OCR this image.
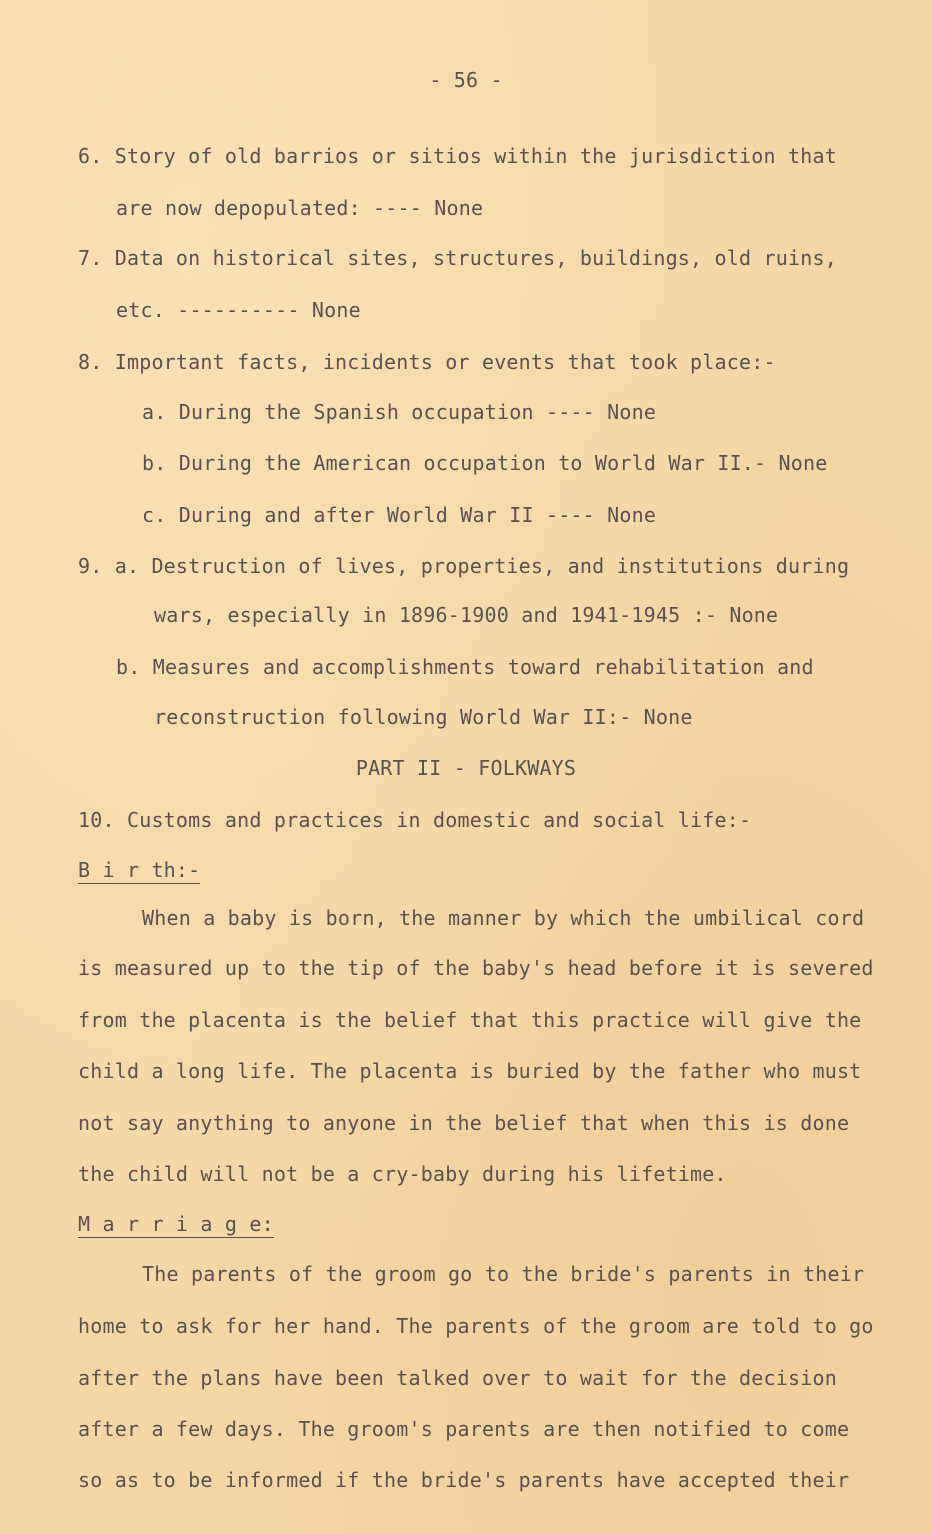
- 56 -
6. Story of old barrios or sitios within the jurisdiction that
are now depopulated: ---- None
7. Data on historical sites, structures, buildings, old ruins,
etc. ---------- None
8. Important facts, incidents or events that took place:-
a. During the Spanish occupation ---- None
b. During the American occupation to World War II.- None
c. During and after World War II ---- None
9. a. Destruction of lives, properties, and institutions during
wars, especially in 1896-1900 and 1941-1945 :- None
b. Measures and accomplishments toward rehabilitation and
reconstruction following World War II:- None
PART II - FOLKWAYS
10. Customs and practices in domestic and social life:-
B i r th:-
When a baby is born, the manner by which the umbilical cord
is measured up to the tip of the baby's head before it is severed
from the placenta is the belief that this practice will give the
child a long life. The placenta is buried by the father who must
not say anything to anyone in the belief that when this is done
the child will not be a cry-baby during his lifetime.
M a r r i a g e:
The parents of the groom go to the bride's parents in their
home to ask for her hand. The parents of the groom are told to go
after the plans have been talked over to wait for the decision
after a few days. The groom's parents are then notified to come
so as to be informed if the bride's parents have accepted their
